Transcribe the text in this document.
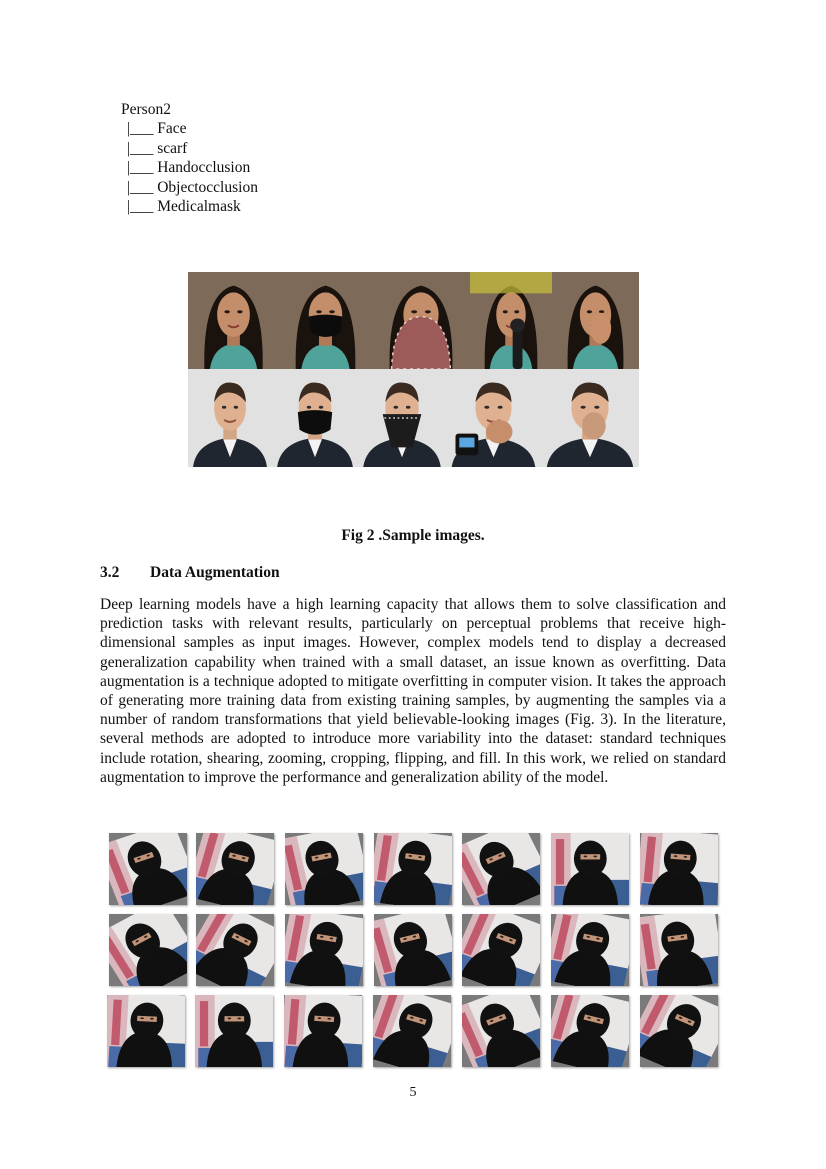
Person2
|___ Face
|___ scarf
|___ Handocclusion
|___ Objectocclusion
|___ Medicalmask
Fig 2 .Sample images.
3.2 Data Augmentation
Deep learning models have a high learning capacity that allows them to solve classification and prediction tasks with relevant results, particularly on perceptual problems that receive high-dimensional samples as input images. However, complex models tend to display a decreased generalization capability when trained with a small dataset, an issue known as overfitting. Data augmentation is a technique adopted to mitigate overfitting in computer vision. It takes the approach of generating more training data from existing training samples, by augmenting the samples via a number of random transformations that yield believable-looking images (Fig. 3). In the literature, several methods are adopted to introduce more variability into the dataset: standard techniques include rotation, shearing, zooming, cropping, flipping, and fill. In this work, we relied on standard augmentation to improve the performance and generalization ability of the model.
5
